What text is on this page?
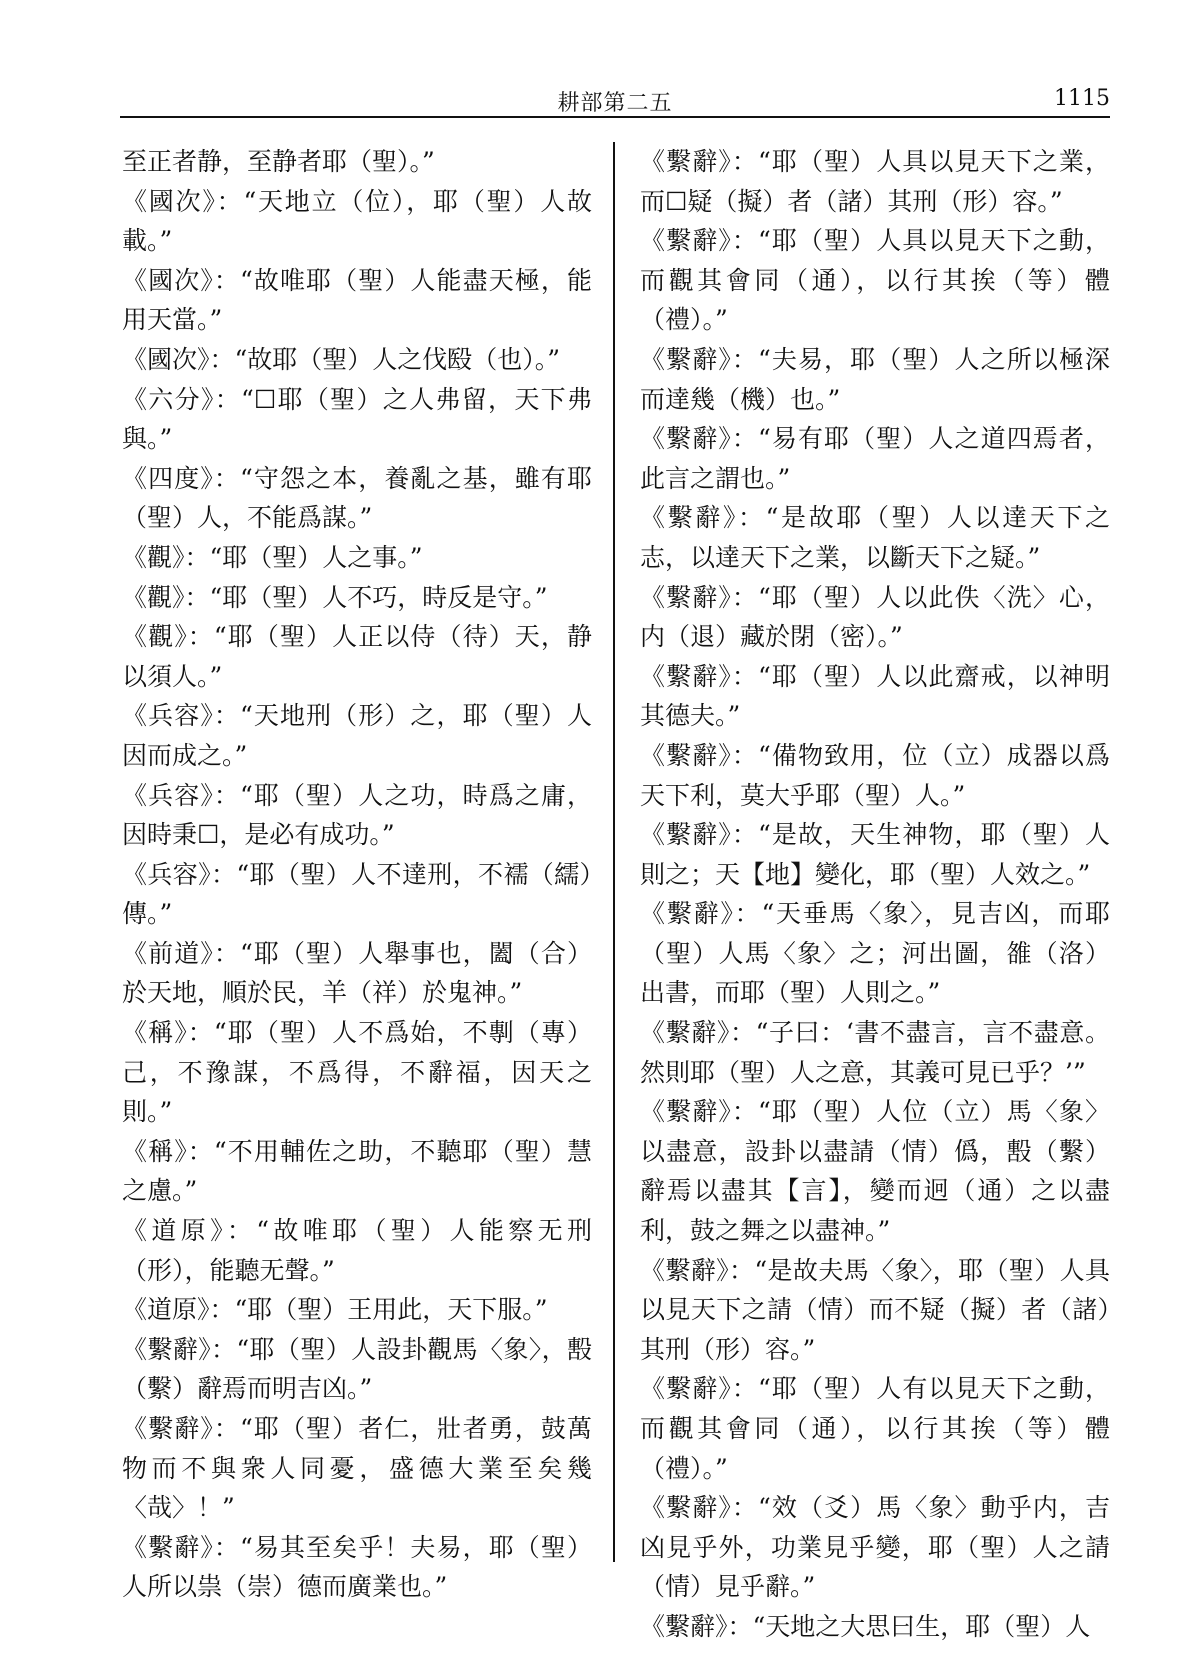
耕部第二五	1115

至正者静，至静者耶（聖）。”

《國次》：“天地立（位），耶（聖）人故載。”

《國次》：“故唯耶（聖）人能盡天極，能用天當。”

《國次》：“故耶（聖）人之伐殹（也）。”

《六分》：“☐耶（聖）之人弗留，天下弗與。”

《四度》：“守怨之本，養亂之基，雖有耶（聖）人，不能爲謀。”

《觀》：“耶（聖）人之事。”

《觀》：“耶（聖）人不巧，時反是守。”

《觀》：“耶（聖）人正以侍（待）天，静以須人。”

《兵容》：“天地刑（形）之，耶（聖）人因而成之。”

《兵容》：“耶（聖）人之功，時爲之庸，因時秉☐，是必有成功。”

《兵容》：“耶（聖）人不達刑，不襦（繻）傳。”

《前道》：“耶（聖）人舉事也，闔（合）於天地，順於民，羊（祥）於鬼神。”

《稱》：“耶（聖）人不爲始，不剸（專）己，不豫謀，不爲得，不辭福，因天之則。”

《稱》：“不用輔佐之助，不聽耶（聖）慧之慮。”

《道原》：“故唯耶（聖）人能察无刑（形），能聽无聲。”

《道原》：“耶（聖）王用此，天下服。”

《繫辭》：“耶（聖）人設卦觀馬〈象〉，毄（繫）辭焉而明吉凶。”

《繫辭》：“耶（聖）者仁，壯者勇，鼓萬物而不與衆人同憂，盛德大業至矣幾〈哉〉！”

《繫辭》：“易其至矣乎！夫易，耶（聖）人所以祟（崇）德而廣業也。”

《繫辭》：“耶（聖）人具以見天下之業，而☐疑（擬）者（諸）其刑（形）容。”

《繫辭》：“耶（聖）人具以見天下之動，而觀其會同（通），以行其挨（等）體（禮）。”

《繫辭》：“夫易，耶（聖）人之所以極深而達幾（機）也。”

《繫辭》：“易有耶（聖）人之道四焉者，此言之謂也。”

《繫辭》：“是故耶（聖）人以達天下之志，以達天下之業，以斷天下之疑。”

《繫辭》：“耶（聖）人以此佚〈洗〉心，内（退）藏於閉（密）。”

《繫辭》：“耶（聖）人以此齋戒，以神明其德夫。”

《繫辭》：“備物致用，位（立）成器以爲天下利，莫大乎耶（聖）人。”

《繫辭》：“是故，天生神物，耶（聖）人則之；天【地】變化，耶（聖）人效之。”

《繫辭》：“天垂馬〈象〉，見吉凶，而耶（聖）人馬〈象〉之；河出圖，雒（洛）出書，而耶（聖）人則之。”

《繫辭》：“子曰：‘書不盡言，言不盡意。然則耶（聖）人之意，其義可見已乎？’”

《繫辭》：“耶（聖）人位（立）馬〈象〉以盡意，設卦以盡請（情）僞，毄（繫）辭焉以盡其【言】，變而迥（通）之以盡利，鼓之舞之以盡神。”

《繫辭》：“是故夫馬〈象〉，耶（聖）人具以見天下之請（情）而不疑（擬）者（諸）其刑（形）容。”

《繫辭》：“耶（聖）人有以見天下之動，而觀其會同（通），以行其挨（等）體（禮）。”

《繫辭》：“效（爻）馬〈象〉動乎内，吉凶見乎外，功業見乎變，耶（聖）人之請（情）見乎辭。”

《繫辭》：“天地之大思曰生，耶（聖）人
